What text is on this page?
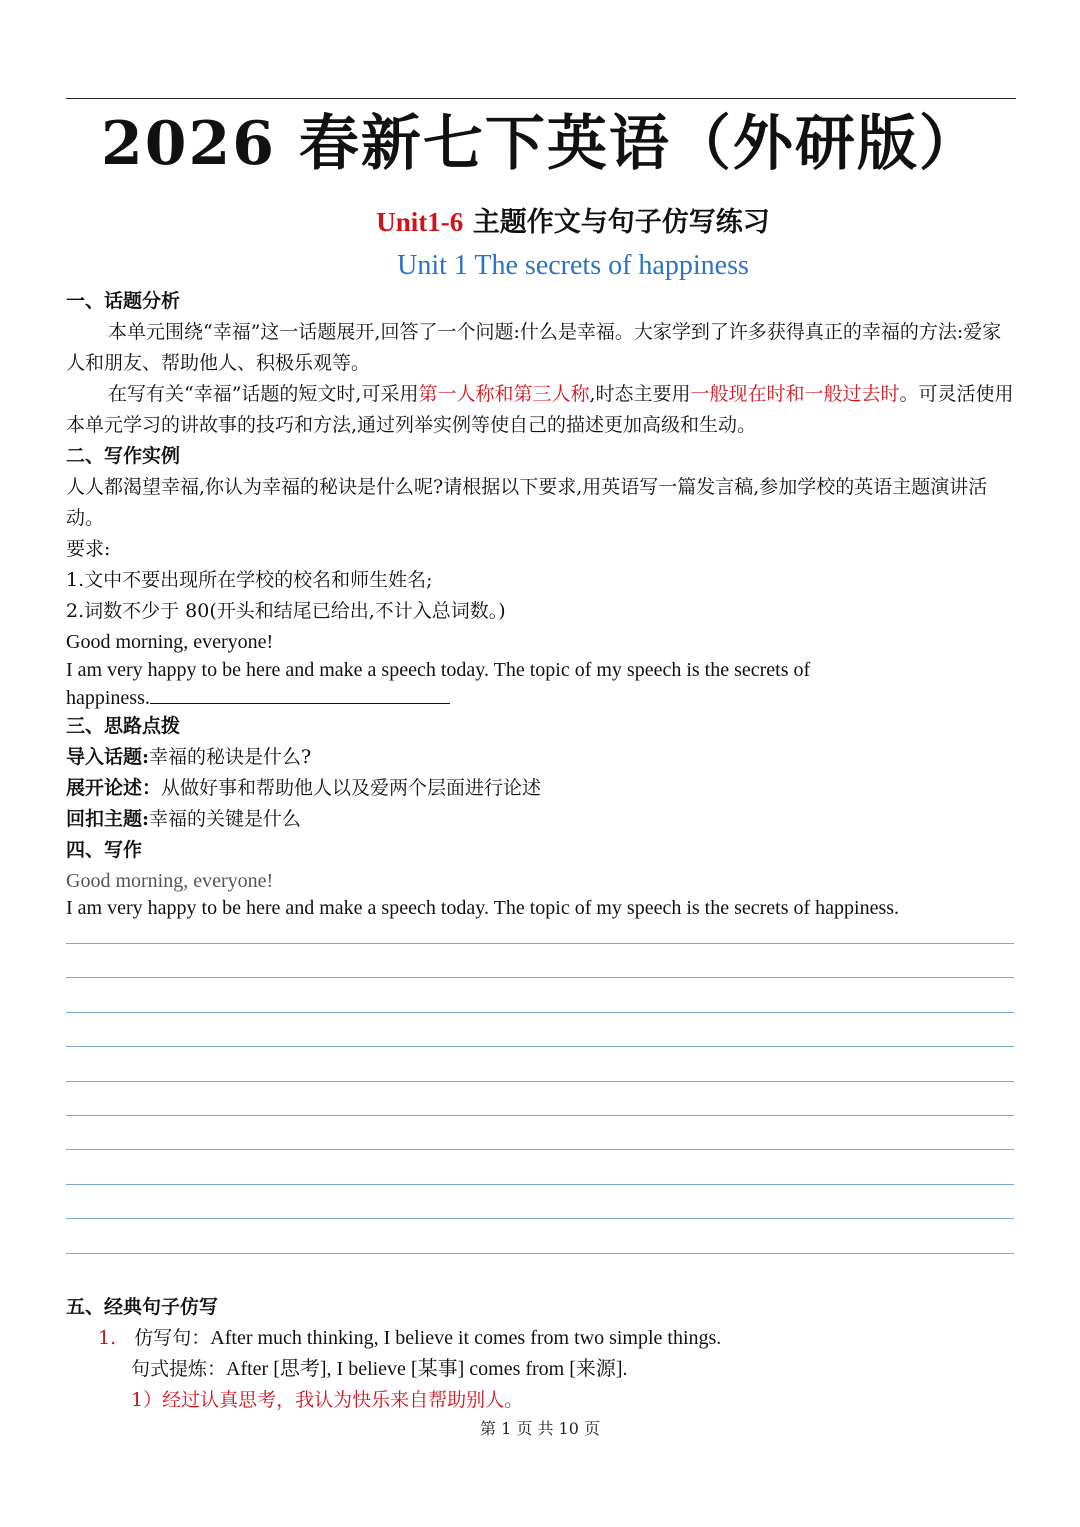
2026 春新七下英语（外研版）
Unit1-6 主题作文与句子仿写练习
Unit 1 The secrets of happiness
一、话题分析
本单元围绕“幸福”这一话题展开,回答了一个问题:什么是幸福。大家学到了许多获得真正的幸福的方法:爱家人和朋友、帮助他人、积极乐观等。
在写有关“幸福”话题的短文时,可采用第一人称和第三人称,时态主要用一般现在时和一般过去时。可灵活使用本单元学习的讲故事的技巧和方法,通过列举实例等使自己的描述更加高级和生动。
二、写作实例
人人都渴望幸福,你认为幸福的秘诀是什么呢?请根据以下要求,用英语写一篇发言稿,参加学校的英语主题演讲活动。
要求:
1.文中不要出现所在学校的校名和师生姓名;
2.词数不少于 80(开头和结尾已给出,不计入总词数。)
Good morning, everyone!
I am very happy to be here and make a speech today. The topic of my speech is the secrets of
happiness.
三、思路点拨
导入话题:幸福的秘诀是什么?
展开论述：从做好事和帮助他人以及爱两个层面进行论述
回扣主题:幸福的关键是什么
四、写作
Good morning, everyone!
I am very happy to be here and make a speech today. The topic of my speech is the secrets of happiness.
五、经典句子仿写
1. 仿写句：After much thinking, I believe it comes from two simple things.
句式提炼：After [思考], I believe [某事] comes from [来源].
1）经过认真思考，我认为快乐来自帮助别人。
第 1 页 共 10 页
